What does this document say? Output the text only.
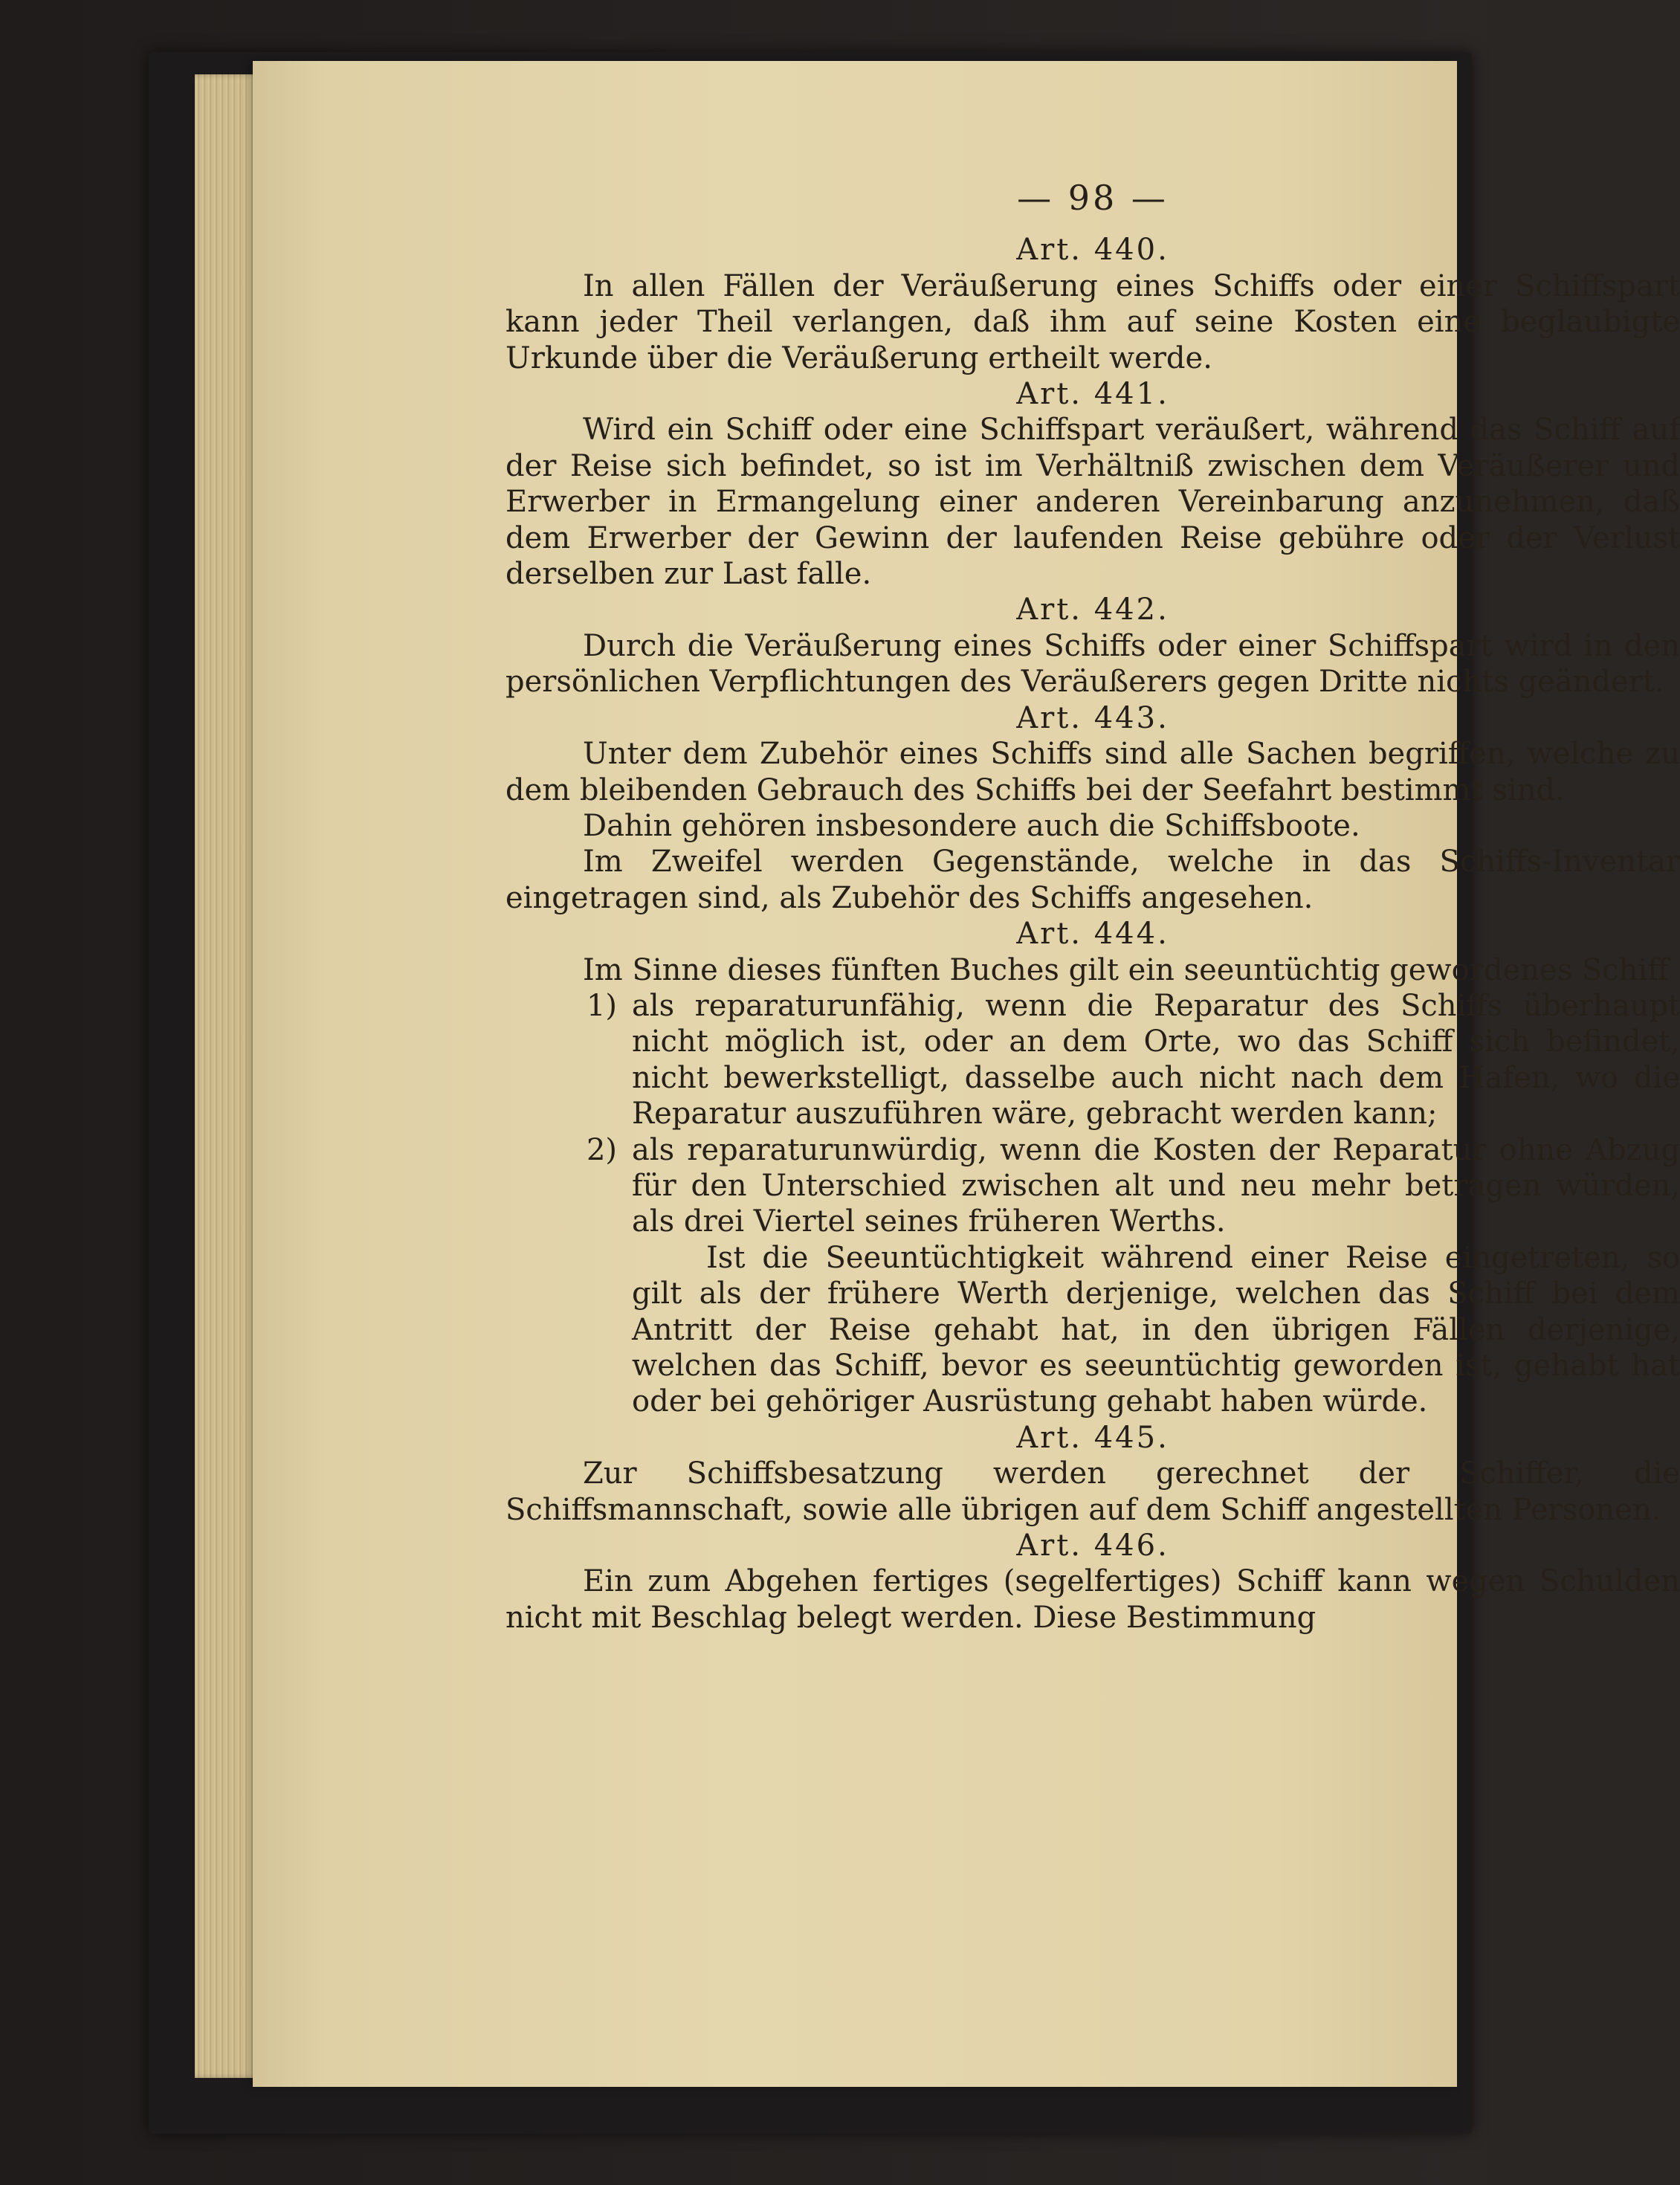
— 98 —
Art. 440.

In allen Fällen der Veräußerung eines Schiffs oder einer Schiffspart kann jeder Theil verlangen, daß ihm auf seine Kosten eine beglaubigte Urkunde über die Veräußerung ertheilt werde.

Art. 441.

Wird ein Schiff oder eine Schiffspart veräußert, während das Schiff auf der Reise sich befindet, so ist im Verhältniß zwischen dem Veräußerer und Erwerber in Ermangelung einer anderen Vereinbarung anzunehmen, daß dem Erwerber der Gewinn der laufenden Reise gebühre oder der Verlust derselben zur Last falle.

Art. 442.

Durch die Veräußerung eines Schiffs oder einer Schiffspart wird in den persönlichen Verpflichtungen des Veräußerers gegen Dritte nichts geändert.

Art. 443.

Unter dem Zubehör eines Schiffs sind alle Sachen begriffen, welche zu dem bleibenden Gebrauch des Schiffs bei der Seefahrt bestimmt sind.

Dahin gehören insbesondere auch die Schiffsboote.

Im Zweifel werden Gegenstände, welche in das Schiffs-Inventar eingetragen sind, als Zubehör des Schiffs angesehen.

Art. 444.

Im Sinne dieses fünften Buches gilt ein seeuntüchtig gewordenes Schiff

1) als reparaturunfähig, wenn die Reparatur des Schiffs überhaupt nicht möglich ist, oder an dem Orte, wo das Schiff sich befindet, nicht bewerkstelligt, dasselbe auch nicht nach dem Hafen, wo die Reparatur auszuführen wäre, gebracht werden kann;
2) als reparaturunwürdig, wenn die Kosten der Reparatur ohne Abzug für den Unterschied zwischen alt und neu mehr betragen würden, als drei Viertel seines früheren Werths.

Ist die Seeuntüchtigkeit während einer Reise eingetreten, so gilt als der frühere Werth derjenige, welchen das Schiff bei dem Antritt der Reise gehabt hat, in den übrigen Fällen derjenige, welchen das Schiff, bevor es seeuntüchtig geworden ist, gehabt hat oder bei gehöriger Ausrüstung gehabt haben würde.

Art. 445.

Zur Schiffsbesatzung werden gerechnet der Schiffer, die Schiffsmannschaft, sowie alle übrigen auf dem Schiff angestellten Personen.

Art. 446.

Ein zum Abgehen fertiges (segelfertiges) Schiff kann wegen Schulden nicht mit Beschlag belegt werden. Diese Bestimmung
